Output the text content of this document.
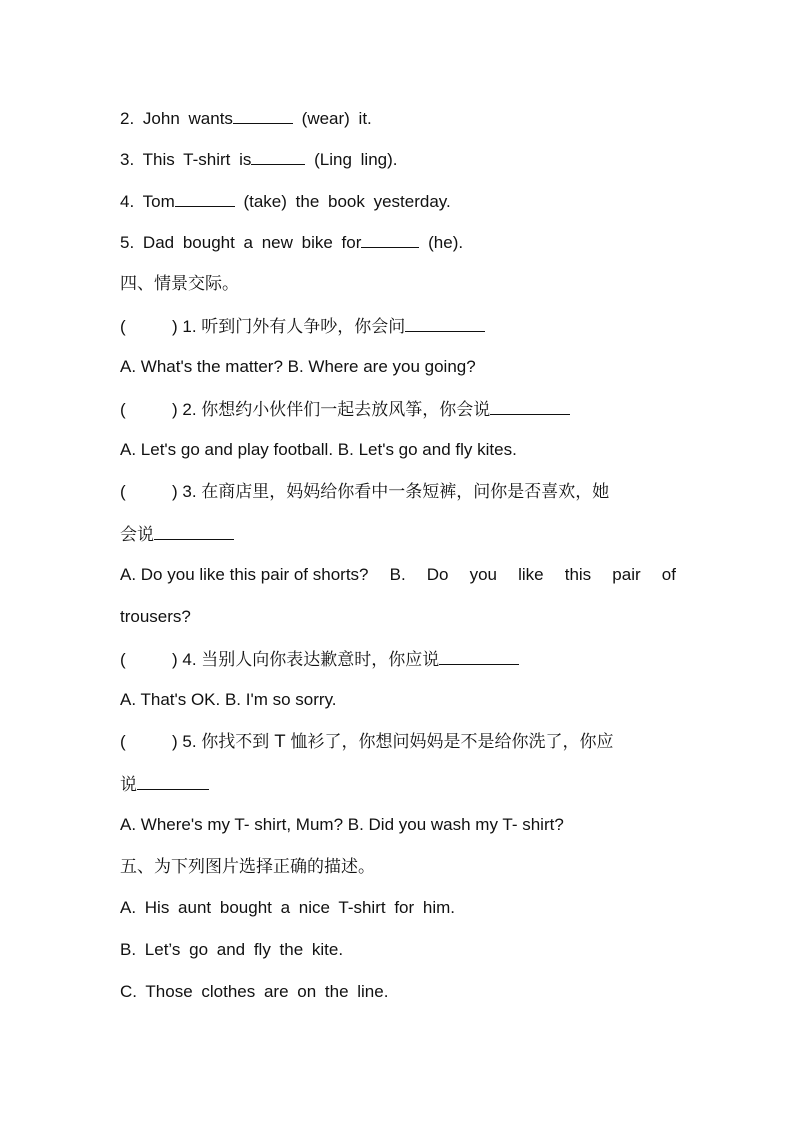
2. John wants	(wear) it.
3. This T-shirt is	(Ling ling).
4. Tom	(take) the book yesterday.
5. Dad bought a new bike for	(he).
四、情景交际。
(	) 1. 听到门外有人争吵，你会问
A. What's the matter? B. Where are you going?
(	) 2. 你想约小伙伴们一起去放风筝，你会说
A. Let's go and play football. B. Let's go and fly kites.
(	) 3. 在商店里，妈妈给你看中一条短裤，问你是否喜欢，她
会说
A. Do you like this pair of shorts? B. Do you like this pair of
trousers?
(	) 4. 当别人向你表达歉意时，你应说
A. That's OK. B. I'm so sorry.
(	) 5. 你找不到 T 恤衫了，你想问妈妈是不是给你洗了，你应
说
A. Where's my T- shirt, Mum? B. Did you wash my T- shirt?
五、为下列图片选择正确的描述。
A. His aunt bought a nice T-shirt for him.
B. Let’s go and fly the kite.
C. Those clothes are on the line.
